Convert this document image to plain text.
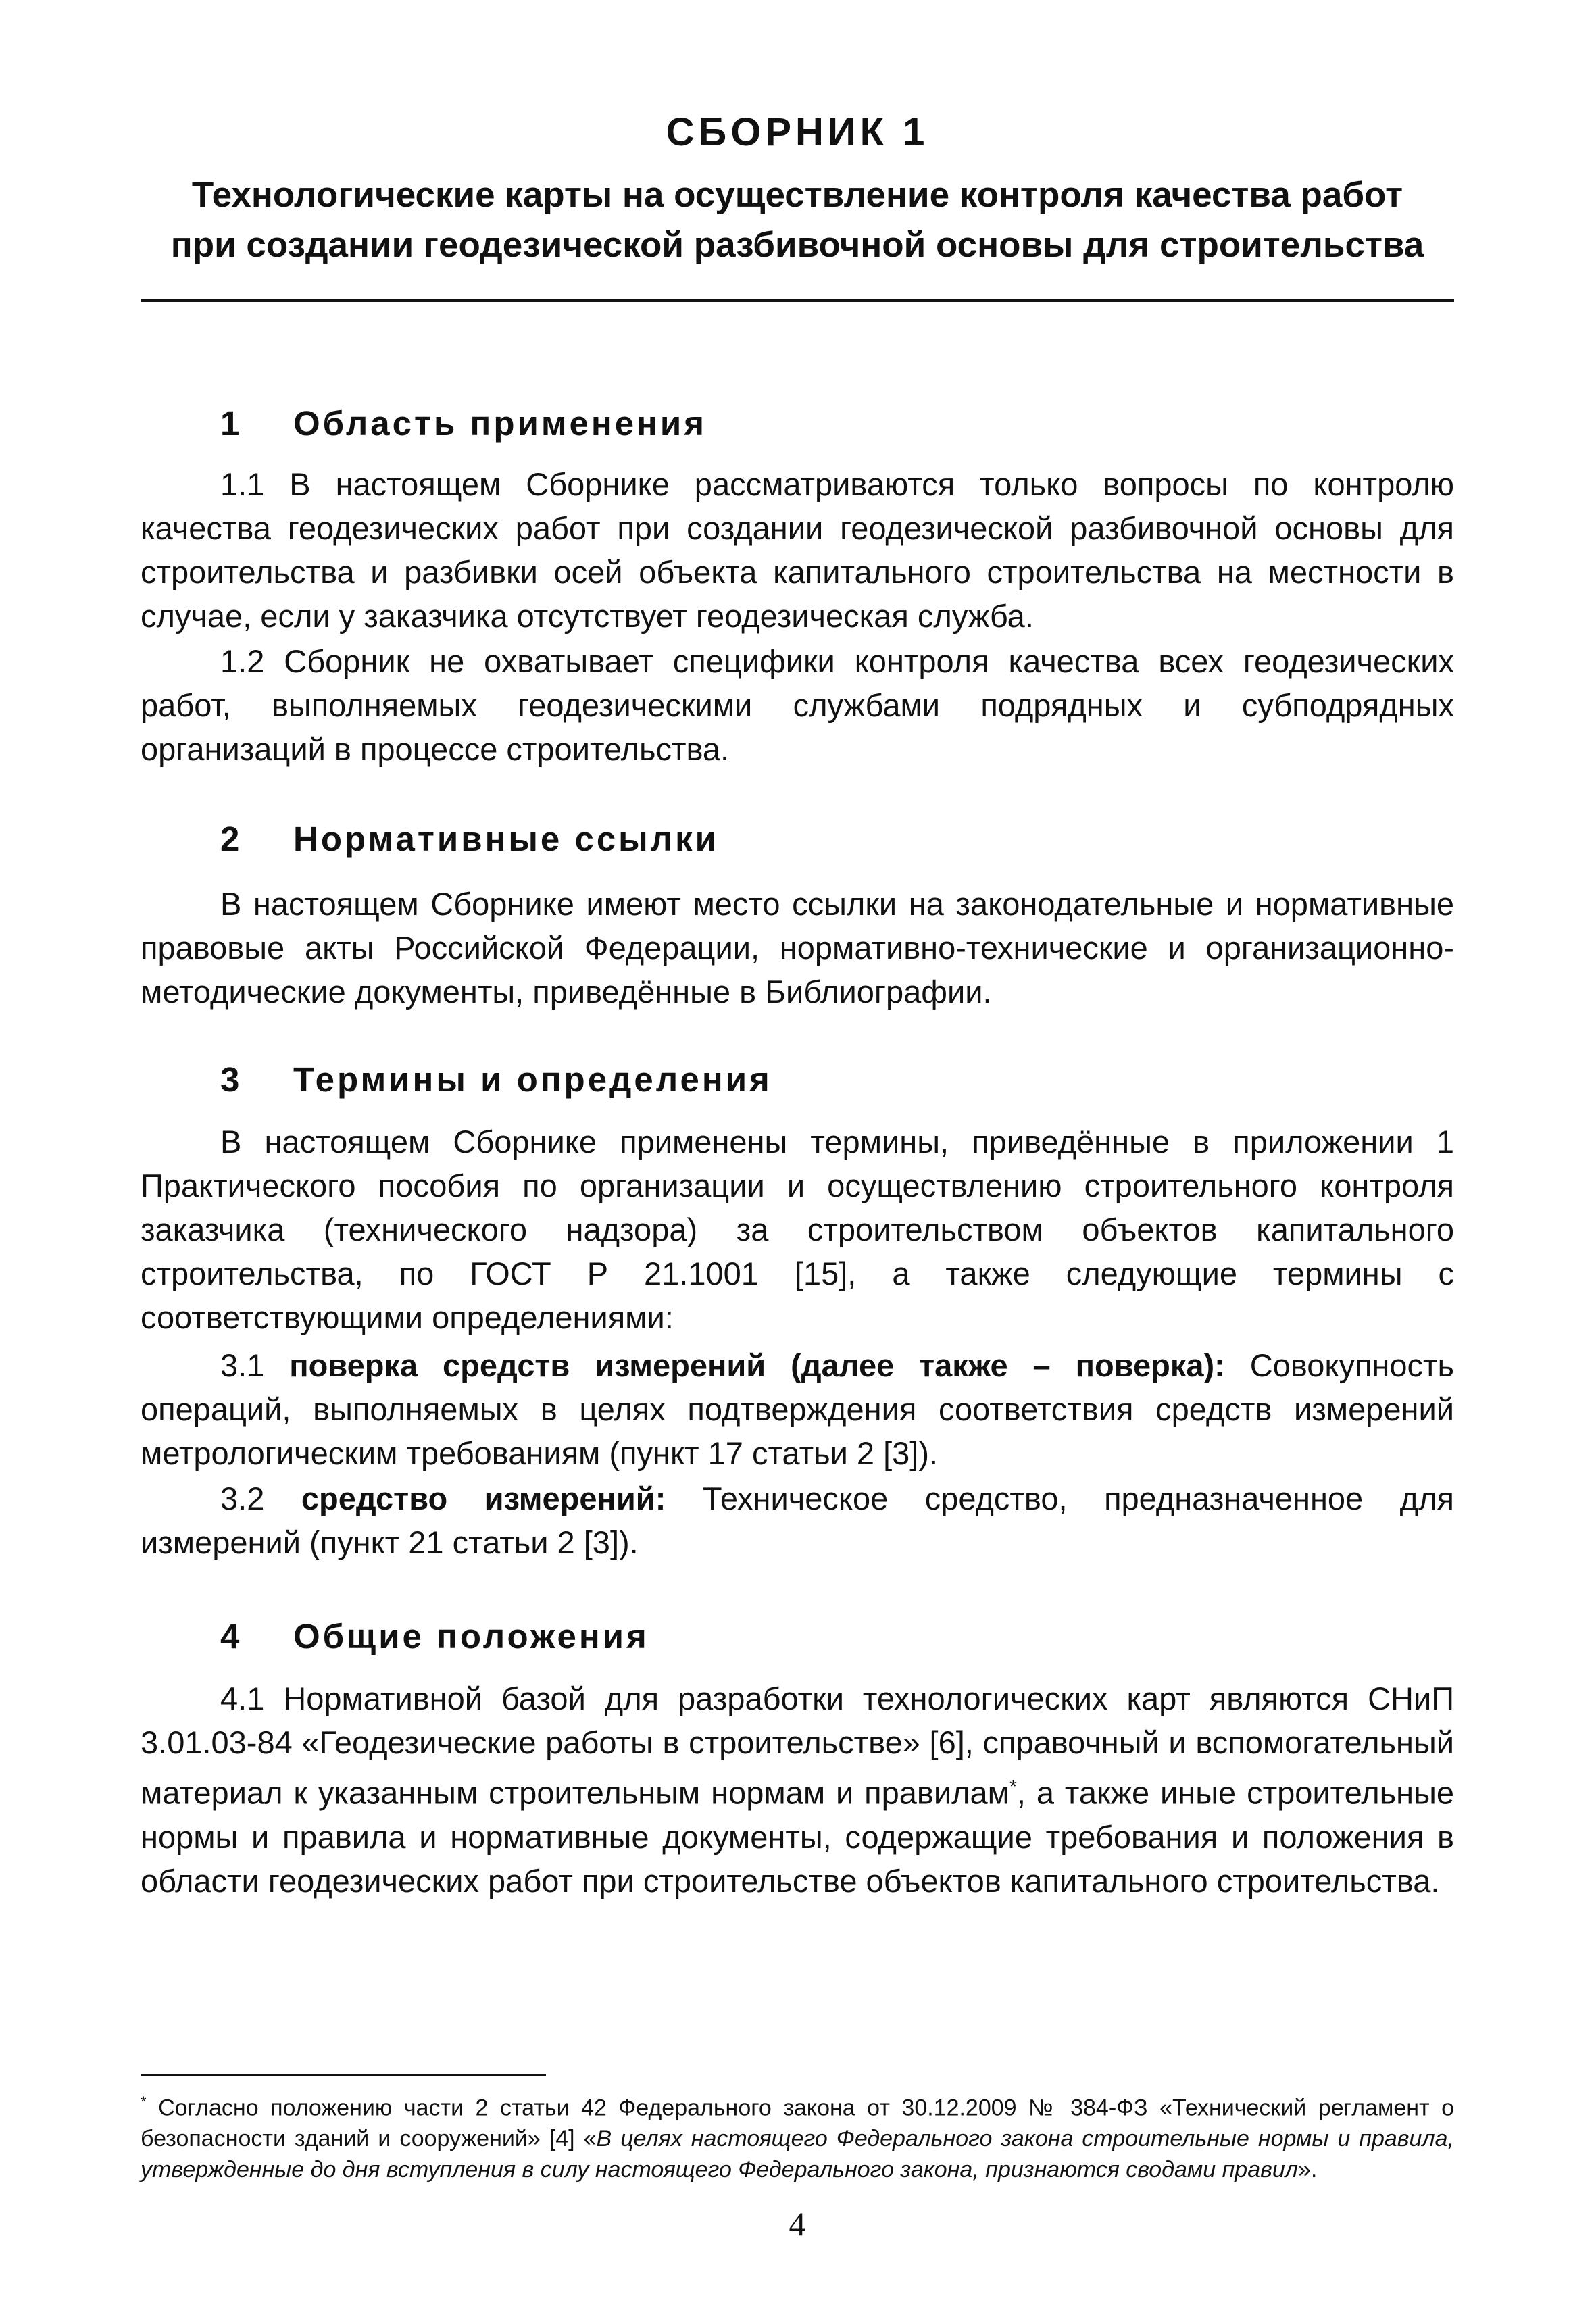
СБОРНИК 1
Технологические карты на осуществление контроля качества работ
при создании геодезической разбивочной основы для строительства
1 Область применения
1.1 В настоящем Сборнике рассматриваются только вопросы по контролю качества геодезических работ при создании геодезической разбивочной основы для строительства и разбивки осей объекта капитального строительства на местности в случае, если у заказчика отсутствует геодезическая служба.
1.2 Сборник не охватывает специфики контроля качества всех геодезических работ, выполняемых геодезическими службами подрядных и субподрядных организаций в процессе строительства.
2 Нормативные ссылки
В настоящем Сборнике имеют место ссылки на законодательные и нормативные правовые акты Российской Федерации, нормативно-технические и организационно-методические документы, приведённые в Библиографии.
3 Термины и определения
В настоящем Сборнике применены термины, приведённые в приложении 1 Практического пособия по организации и осуществлению строительного контроля заказчика (технического надзора) за строительством объектов капитального строительства, по ГОСТ Р 21.1001 [15], а также следующие термины с соответствующими определениями:
3.1 поверка средств измерений (далее также – поверка): Совокупность операций, выполняемых в целях подтверждения соответствия средств измерений метрологическим требованиям (пункт 17 статьи 2 [3]).
3.2 средство измерений: Техническое средство, предназначенное для измерений (пункт 21 статьи 2 [3]).
4 Общие положения
4.1 Нормативной базой для разработки технологических карт являются СНиП 3.01.03-84 «Геодезические работы в строительстве» [6], справочный и вспомогательный материал к указанным строительным нормам и правилам*, а также иные строительные нормы и правила и нормативные документы, содержащие требования и положения в области геодезических работ при строительстве объектов капитального строительства.
* Согласно положению части 2 статьи 42 Федерального закона от 30.12.2009 № 384-ФЗ «Технический регламент о безопасности зданий и сооружений» [4] «В целях настоящего Федерального закона строительные нормы и правила, утвержденные до дня вступления в силу настоящего Федерального закона, признаются сводами правил».
4
